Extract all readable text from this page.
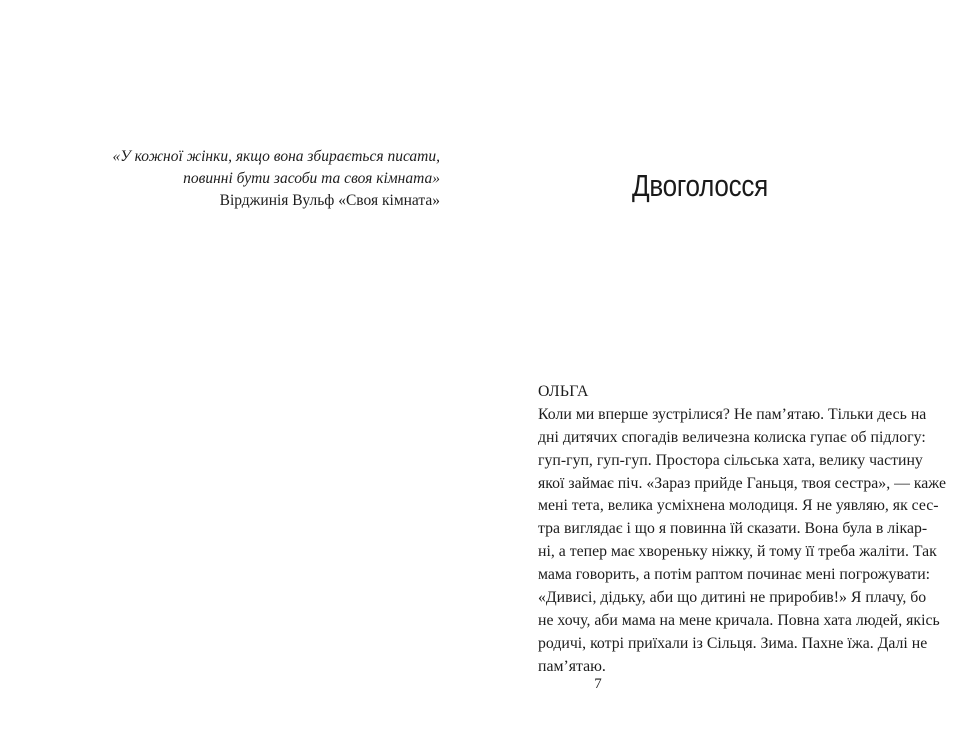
«У кожної жінки, якщо вона збирається писати,
повинні бути засоби та своя кімната»
Вірджинія Вульф «Своя кімната»	Двоголосся
ОЛЬГА
Коли ми вперше зустрілися? Не пам’ятаю. Тільки десь на
дні дитячих спогадів величезна колиска гупає об підлогу:
гуп-гуп, гуп-гуп. Простора сільська хата, велику частину
якої займає піч. «Зараз прийде Ганьця, твоя сестра», — каже
мені тета, велика усміхнена молодиця. Я не уявляю, як сес-
тра виглядає і що я повинна їй сказати. Вона була в лікар-
ні, а тепер має хвореньку ніжку, й тому її треба жаліти. Так
мама говорить, а потім раптом починає мені погрожувати:
«Дивисі, дідьку, аби що дитині не приробив!» Я плачу, бо
не хочу, аби мама на мене кричала. Повна хата людей, якісь
родичі, котрі приїхали із Сільця. Зима. Пахне їжа. Далі не
пам’ятаю.
7
